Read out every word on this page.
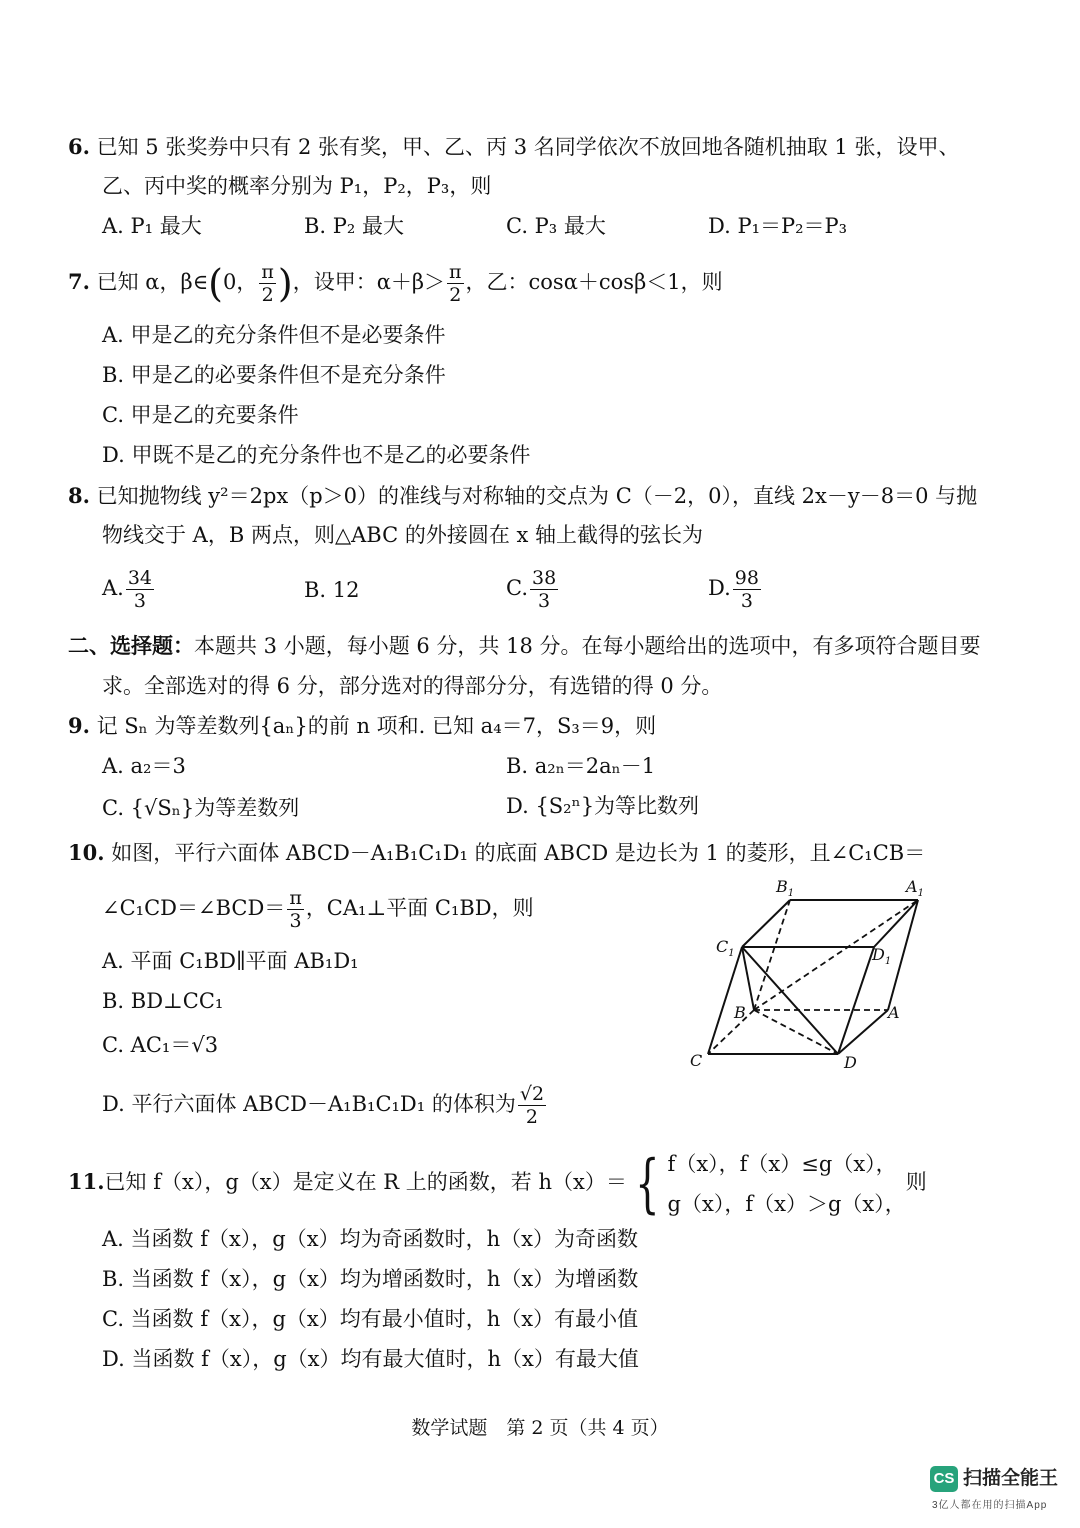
6. 已知 5 张奖券中只有 2 张有奖，甲、乙、丙 3 名同学依次不放回地各随机抽取 1 张，设甲、
乙、丙中奖的概率分别为 P₁，P₂，P₃，则
A. P₁ 最大	B. P₂ 最大	C. P₃ 最大	D. P₁＝P₂＝P₃
7. 已知 α，β∈(0， $\frac{\pi}{2}$ )，设甲：$\alpha+\beta> \frac{\pi}{2}$ ，乙：cosα＋cosβ＜1，则
A. 甲是乙的充分条件但不是必要条件
B. 甲是乙的必要条件但不是充分条件
C. 甲是乙的充要条件
D. 甲既不是乙的充分条件也不是乙的必要条件
8. 已知抛物线 y²＝2px（p＞0）的准线与对称轴的交点为 C（－2，0），直线 2x－y－8＝0 与抛
物线交于 A，B 两点，则△ABC 的外接圆在 x 轴上截得的弦长为
A. $\frac{34}{3}$	B. 12	C. $\frac{38}{3}$	D. $\frac{98}{3}$
二、选择题：本题共 3 小题，每小题 6 分，共 18 分。在每小题给出的选项中，有多项符合题目要
求。全部选对的得 6 分，部分选对的得部分分，有选错的得 0 分。
9. 记 Sₙ 为等差数列{aₙ}的前 n 项和. 已知 a₄＝7，S₃＝9，则
A. a₂＝3	B. a₂ₙ＝2aₙ－1
C. {√Sₙ}为等差数列	D. {S₂ⁿ}为等比数列
10. 如图，平行六面体 ABCD－A₁B₁C₁D₁ 的底面 ABCD 是边长为 1 的菱形，且∠C₁CB＝
∠C₁CD＝∠BCD＝ $\frac{\pi}{3}$ ，CA₁⊥平面 C₁BD，则
A. 平面 C₁BD∥平面 AB₁D₁
B. BD⊥CC₁
C. AC₁＝√3
D. 平行六面体 ABCD－A₁B₁C₁D₁ 的体积为 $\frac{√2}{2}$
$B_1$	$A_1$
$C_1$	$D_1$
B	A
C	D
11.已知 f（x），g（x）是定义在 R 上的函数，若 h（x）＝ { f（x），f（x）≤g（x），
g（x），f（x）＞g（x），
则
A. 当函数 f（x），g（x）均为奇函数时，h（x）为奇函数
B. 当函数 f（x），g（x）均为增函数时，h（x）为增函数
C. 当函数 f（x），g（x）均有最小值时，h（x）有最小值
D. 当函数 f（x），g（x）均有最大值时，h（x）有最大值
数学试题　第 2 页（共 4 页）
CS 扫描全能王
3亿人都在用的扫描App
